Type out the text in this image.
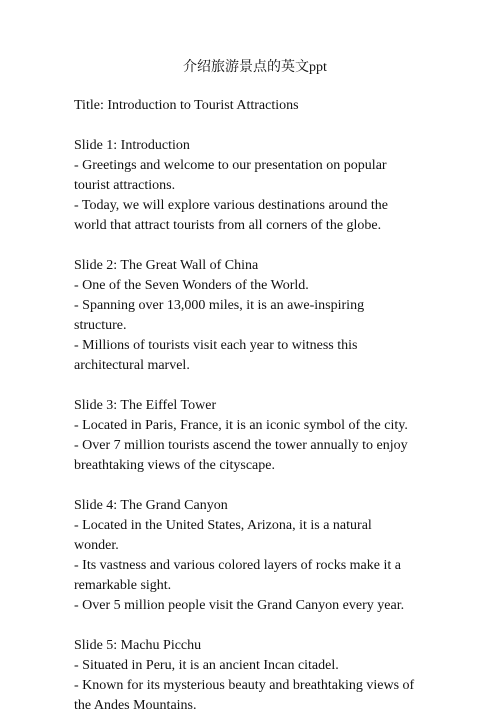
介绍旅游景点的英文ppt
Title: Introduction to Tourist Attractions
Slide 1: Introduction
- Greetings and welcome to our presentation on popular tourist attractions.
- Today, we will explore various destinations around the world that attract tourists from all corners of the globe.
Slide 2: The Great Wall of China
- One of the Seven Wonders of the World.
- Spanning over 13,000 miles, it is an awe-inspiring structure.
- Millions of tourists visit each year to witness this architectural marvel.
Slide 3: The Eiffel Tower
- Located in Paris, France, it is an iconic symbol of the city.
- Over 7 million tourists ascend the tower annually to enjoy breathtaking views of the cityscape.
Slide 4: The Grand Canyon
- Located in the United States, Arizona, it is a natural wonder.
- Its vastness and various colored layers of rocks make it a remarkable sight.
- Over 5 million people visit the Grand Canyon every year.
Slide 5: Machu Picchu
- Situated in Peru, it is an ancient Incan citadel.
- Known for its mysterious beauty and breathtaking views of the Andes Mountains.
